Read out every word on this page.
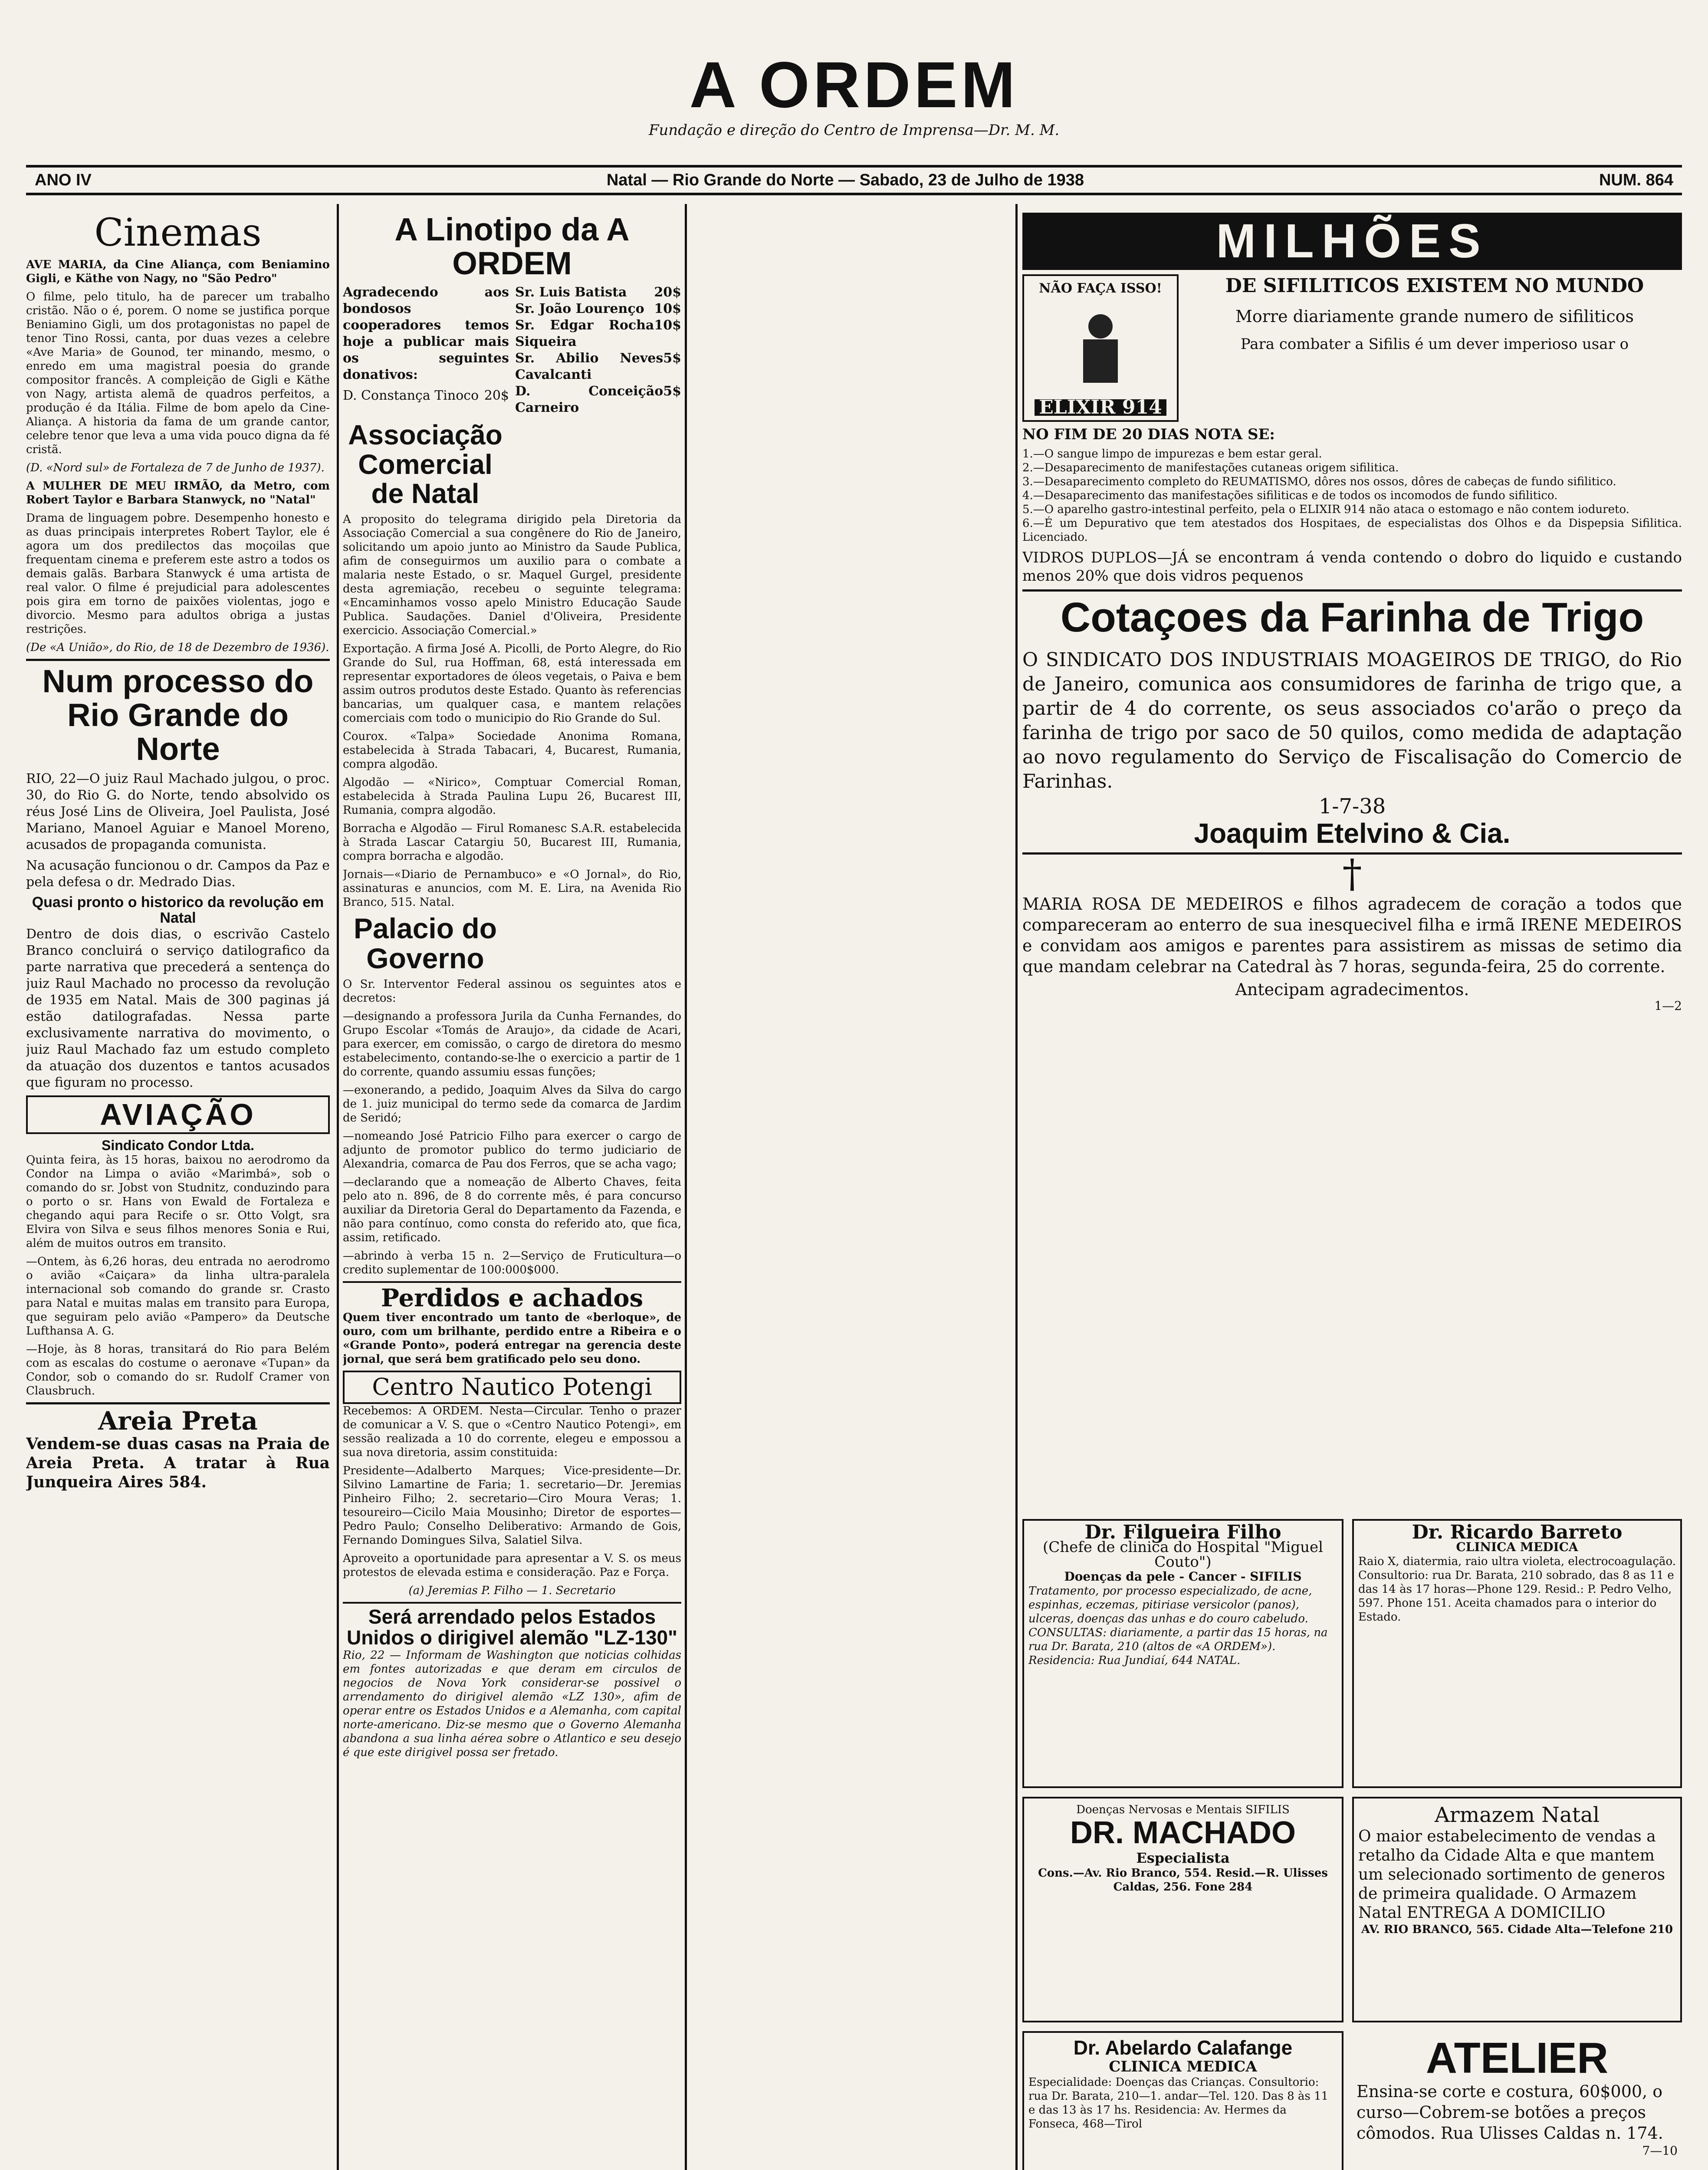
A ORDEM
Fundação e direção do Centro de Imprensa—Dr. M. M.
ANO IV	Natal — Rio Grande do Norte — Sabado, 23 de Julho de 1938	NUM. 864
Cinemas

AVE MARIA, da Cine Aliança, com Beniamino Gigli, e Käthe von Nagy, no "São Pedro"

O filme, pelo titulo, ha de parecer um trabalho cristão. Não o é, porem. O nome se justifica porque Beniamino Gigli, um dos protagonistas no papel de tenor Tino Rossi, canta, por duas vezes a celebre «Ave Maria» de Gounod, ter minando, mesmo, o enredo em uma magistral poesia do grande compositor francês. A compleição de Gigli e Käthe von Nagy, artista alemã de quadros perfeitos, a produção é da Itália. Filme de bom apelo da Cine-Aliança. A historia da fama de um grande cantor, celebre tenor que leva a uma vida pouco digna da fé cristã.

(D. «Nord sul» de Fortaleza de 7 de Junho de 1937).

A MULHER DE MEU IRMÃO, da Metro, com Robert Taylor e Barbara Stanwyck, no "Natal"

Drama de linguagem pobre. Desempenho honesto e as duas principais interpretes Robert Taylor, ele é agora um dos predilectos das moçoilas que frequentam cinema e preferem este astro a todos os demais galãs. Barbara Stanwyck é uma artista de real valor. O filme é prejudicial para adolescentes pois gira em torno de paixões violentas, jogo e divorcio. Mesmo para adultos obriga a justas restrições.

(De «A União», do Rio, de 18 de Dezembro de 1936).

Num processo do Rio Grande do Norte

RIO, 22—O juiz Raul Machado julgou, o proc. 30, do Rio G. do Norte, tendo absolvido os réus José Lins de Oliveira, Joel Paulista, José Mariano, Manoel Aguiar e Manoel Moreno, acusados de propaganda comunista.

Na acusação funcionou o dr. Campos da Paz e pela defesa o dr. Medrado Dias.

Quasi pronto o historico da revolução em Natal

Dentro de dois dias, o escrivão Castelo Branco concluirá o serviço datilografico da parte narrativa que precederá a sentença do juiz Raul Machado no processo da revolução de 1935 em Natal. Mais de 300 paginas já estão datilografadas. Nessa parte exclusivamente narrativa do movimento, o juiz Raul Machado faz um estudo completo da atuação dos duzentos e tantos acusados que figuram no processo.

AVIAÇÃO
Sindicato Condor Ltda.

Quinta feira, às 15 horas, baixou no aerodromo da Condor na Limpa o avião «Marimbá», sob o comando do sr. Jobst von Studnitz, conduzindo para o porto o sr. Hans von Ewald de Fortaleza e chegando aqui para Recife o sr. Otto Volgt, sra Elvira von Silva e seus filhos menores Sonia e Rui, além de muitos outros em transito.

—Ontem, às 6,26 horas, deu entrada no aerodromo o avião «Caiçara» da linha ultra-paralela internacional sob comando do grande sr. Crasto para Natal e muitas malas em transito para Europa, que seguiram pelo avião «Pampero» da Deutsche Lufthansa A. G.

—Hoje, às 8 horas, transitará do Rio para Belém com as escalas do costume o aeronave «Tupan» da Condor, sob o comando do sr. Rudolf Cramer von Clausbruch.

Areia Preta

Vendem-se duas casas na Praia de Areia Preta. A tratar à Rua Junqueira Aires 584.

A Linotipo da A ORDEM

Agradecendo aos bondosos cooperadores temos hoje a publicar mais os seguintes donativos:

D. Constança Tinoco 20$
Sr. Luis Batista 20$
Sr. João Lourenço 10$
Sr. Edgar Rocha Siqueira
10$
Sr. Abilio Neves Cavalcanti
5$
D. Conceição Carneiro
5$
Associação Comercial de Natal

A proposito do telegrama dirigido pela Diretoria da Associação Comercial a sua congênere do Rio de Janeiro, solicitando um apoio junto ao Ministro da Saude Publica, afim de conseguirmos um auxilio para o combate a malaria neste Estado, o sr. Maquel Gurgel, presidente desta agremiação, recebeu o seguinte telegrama: «Encaminhamos vosso apelo Ministro Educação Saude Publica. Saudações. Daniel d'Oliveira, Presidente exercicio. Associação Comercial.»

Exportação. A firma José A. Picolli, de Porto Alegre, do Rio Grande do Sul, rua Hoffman, 68, está interessada em representar exportadores de óleos vegetais, o Paiva e bem assim outros produtos deste Estado. Quanto às referencias bancarias, um qualquer casa, e mantem relações comerciais com todo o municipio do Rio Grande do Sul.

Courox. «Talpa» Sociedade Anonima Romana, estabelecida à Strada Tabacari, 4, Bucarest, Rumania, compra algodão.

Algodão — «Nirico», Comptuar Comercial Roman, estabelecida à Strada Paulina Lupu 26, Bucarest III, Rumania, compra algodão.

Borracha e Algodão — Firul Romanesc S.A.R. estabelecida à Strada Lascar Catargiu 50, Bucarest III, Rumania, compra borracha e algodão.

Jornais—«Diario de Pernambuco» e «O Jornal», do Rio, assinaturas e anuncios, com M. E. Lira, na Avenida Rio Branco, 515. Natal.

Palacio do Governo

O Sr. Interventor Federal assinou os seguintes atos e decretos:

—designando a professora Jurila da Cunha Fernandes, do Grupo Escolar «Tomás de Araujo», da cidade de Acari, para exercer, em comissão, o cargo de diretora do mesmo estabelecimento, contando-se-lhe o exercicio a partir de 1 do corrente, quando assumiu essas funções;

—exonerando, a pedido, Joaquim Alves da Silva do cargo de 1. juiz municipal do termo sede da comarca de Jardim de Seridó;

—nomeando José Patricio Filho para exercer o cargo de adjunto de promotor publico do termo judiciario de Alexandria, comarca de Pau dos Ferros, que se acha vago;

—declarando que a nomeação de Alberto Chaves, feita pelo ato n. 896, de 8 do corrente mês, é para concurso auxiliar da Diretoria Geral do Departamento da Fazenda, e não para contínuo, como consta do referido ato, que fica, assim, retificado.

—abrindo à verba 15 n. 2—Serviço de Fruticultura—o credito suplementar de 100:000$000.

Perdidos e achados

Quem tiver encontrado um tanto de «berloque», de ouro, com um brilhante, perdido entre a Ribeira e o «Grande Ponto», poderá entregar na gerencia deste jornal, que será bem gratificado pelo seu dono.

Centro Nautico Potengi

Recebemos: A ORDEM. Nesta—Circular. Tenho o prazer de comunicar a V. S. que o «Centro Nautico Potengi», em sessão realizada a 10 do corrente, elegeu e empossou a sua nova diretoria, assim constituida:

Presidente—Adalberto Marques; Vice-presidente—Dr. Silvino Lamartine de Faria; 1. secretario—Dr. Jeremias Pinheiro Filho; 2. secretario—Ciro Moura Veras; 1. tesoureiro—Cicilo Maia Mousinho; Diretor de esportes—Pedro Paulo; Conselho Deliberativo: Armando de Gois, Fernando Domingues Silva, Salatiel Silva.

Aproveito a oportunidade para apresentar a V. S. os meus protestos de elevada estima e consideração. Paz e Força.

(a) Jeremias P. Filho — 1. Secretario

Será arrendado pelos Estados Unidos o dirigivel alemão "LZ-130"

Rio, 22 — Informam de Washington que noticias colhidas em fontes autorizadas e que deram em circulos de negocios de Nova York considerar-se possivel o arrendamento do dirigivel alemão «LZ 130», afim de operar entre os Estados Unidos e a Alemanha, com capital norte-americano. Diz-se mesmo que o Governo Alemanha abandona a sua linha aérea sobre o Atlantico e seu desejo é que este dirigivel possa ser fretado.

MILHÕES
NÃO FAÇA ISSO!
ELIXIR 914
DE SIFILITICOS EXISTEM NO MUNDO
Morre diariamente grande numero de sifiliticos
Para combater a Sifilis é um dever imperioso usar o
NO FIM DE 20 DIAS NOTA SE:
1.—O sangue limpo de impurezas e bem estar geral.
2.—Desaparecimento de manifestações cutaneas origem sifilitica.
3.—Desaparecimento completo do REUMATISMO, dôres nos ossos, dôres de cabeças de fundo sifilitico.
4.—Desaparecimento das manifestações sifiliticas e de todos os incomodos de fundo sifilitico.
5.—O aparelho gastro-intestinal perfeito, pela o ELIXIR 914 não ataca o estomago e não contem iodureto.
6.—É um Depurativo que tem atestados dos Hospitaes, de especialistas dos Olhos e da Dispepsia Sifilitica. Licenciado.
VIDROS DUPLOS—JÁ se encontram á venda contendo o dobro do liquido e custando menos 20% que dois vidros pequenos
Cotaçoes da Farinha de Trigo

O SINDICATO DOS INDUSTRIAIS MOAGEIROS DE TRIGO, do Rio de Janeiro, comunica aos consumidores de farinha de trigo que, a partir de 4 do corrente, os seus associados co'arão o preço da farinha de trigo por saco de 50 quilos, como medida de adaptação ao novo regulamento do Serviço de Fiscalisação do Comercio de Farinhas.

1-7-38
Joaquim Etelvino & Cia.
†

MARIA ROSA DE MEDEIROS e filhos agradecem de coração a todos que compareceram ao enterro de sua inesquecivel filha e irmã IRENE MEDEIROS e convidam aos amigos e parentes para assistirem as missas de setimo dia que mandam celebrar na Catedral às 7 horas, segunda-feira, 25 do corrente.

Antecipam agradecimentos.
1—2
Dr. Filgueira Filho
(Chefe de clinica do Hospital "Miguel Couto")
Doenças da pele - Cancer - SIFILIS
Tratamento, por processo especializado, de acne, espinhas, eczemas, pitiriase versicolor (panos), ulceras, doenças das unhas e do couro cabeludo. CONSULTAS: diariamente, a partir das 15 horas, na rua Dr. Barata, 210 (altos de «A ORDEM»). Residencia: Rua Jundiaí, 644 NATAL.
Dr. Ricardo Barreto
CLINICA MEDICA
Raio X, diatermia, raio ultra violeta, electrocoagulação. Consultorio: rua Dr. Barata, 210 sobrado, das 8 as 11 e das 14 às 17 horas—Phone 129. Resid.: P. Pedro Velho, 597. Phone 151. Aceita chamados para o interior do Estado.
Armazem Natal
O maior estabelecimento de vendas a retalho da Cidade Alta e que mantem um selecionado sortimento de generos de primeira qualidade. O Armazem Natal ENTREGA A DOMICILIO
AV. RIO BRANCO, 565. Cidade Alta—Telefone 210
Doenças Nervosas e Mentais SIFILIS
DR. MACHADO
Especialista
Cons.—Av. Rio Branco, 554. Resid.—R. Ulisses Caldas, 256. Fone 284
Dr. Abelardo Calafange
CLINICA MEDICA
Especialidade: Doenças das Crianças. Consultorio: rua Dr. Barata, 210—1. andar—Tel. 120. Das 8 às 11 e das 13 às 17 hs. Residencia: Av. Hermes da Fonseca, 468—Tirol
ATELIER
Ensina-se corte e costura, 60$000, o curso—Cobrem-se botões a preços cômodos. Rua Ulisses Caldas n. 174.
7—10
